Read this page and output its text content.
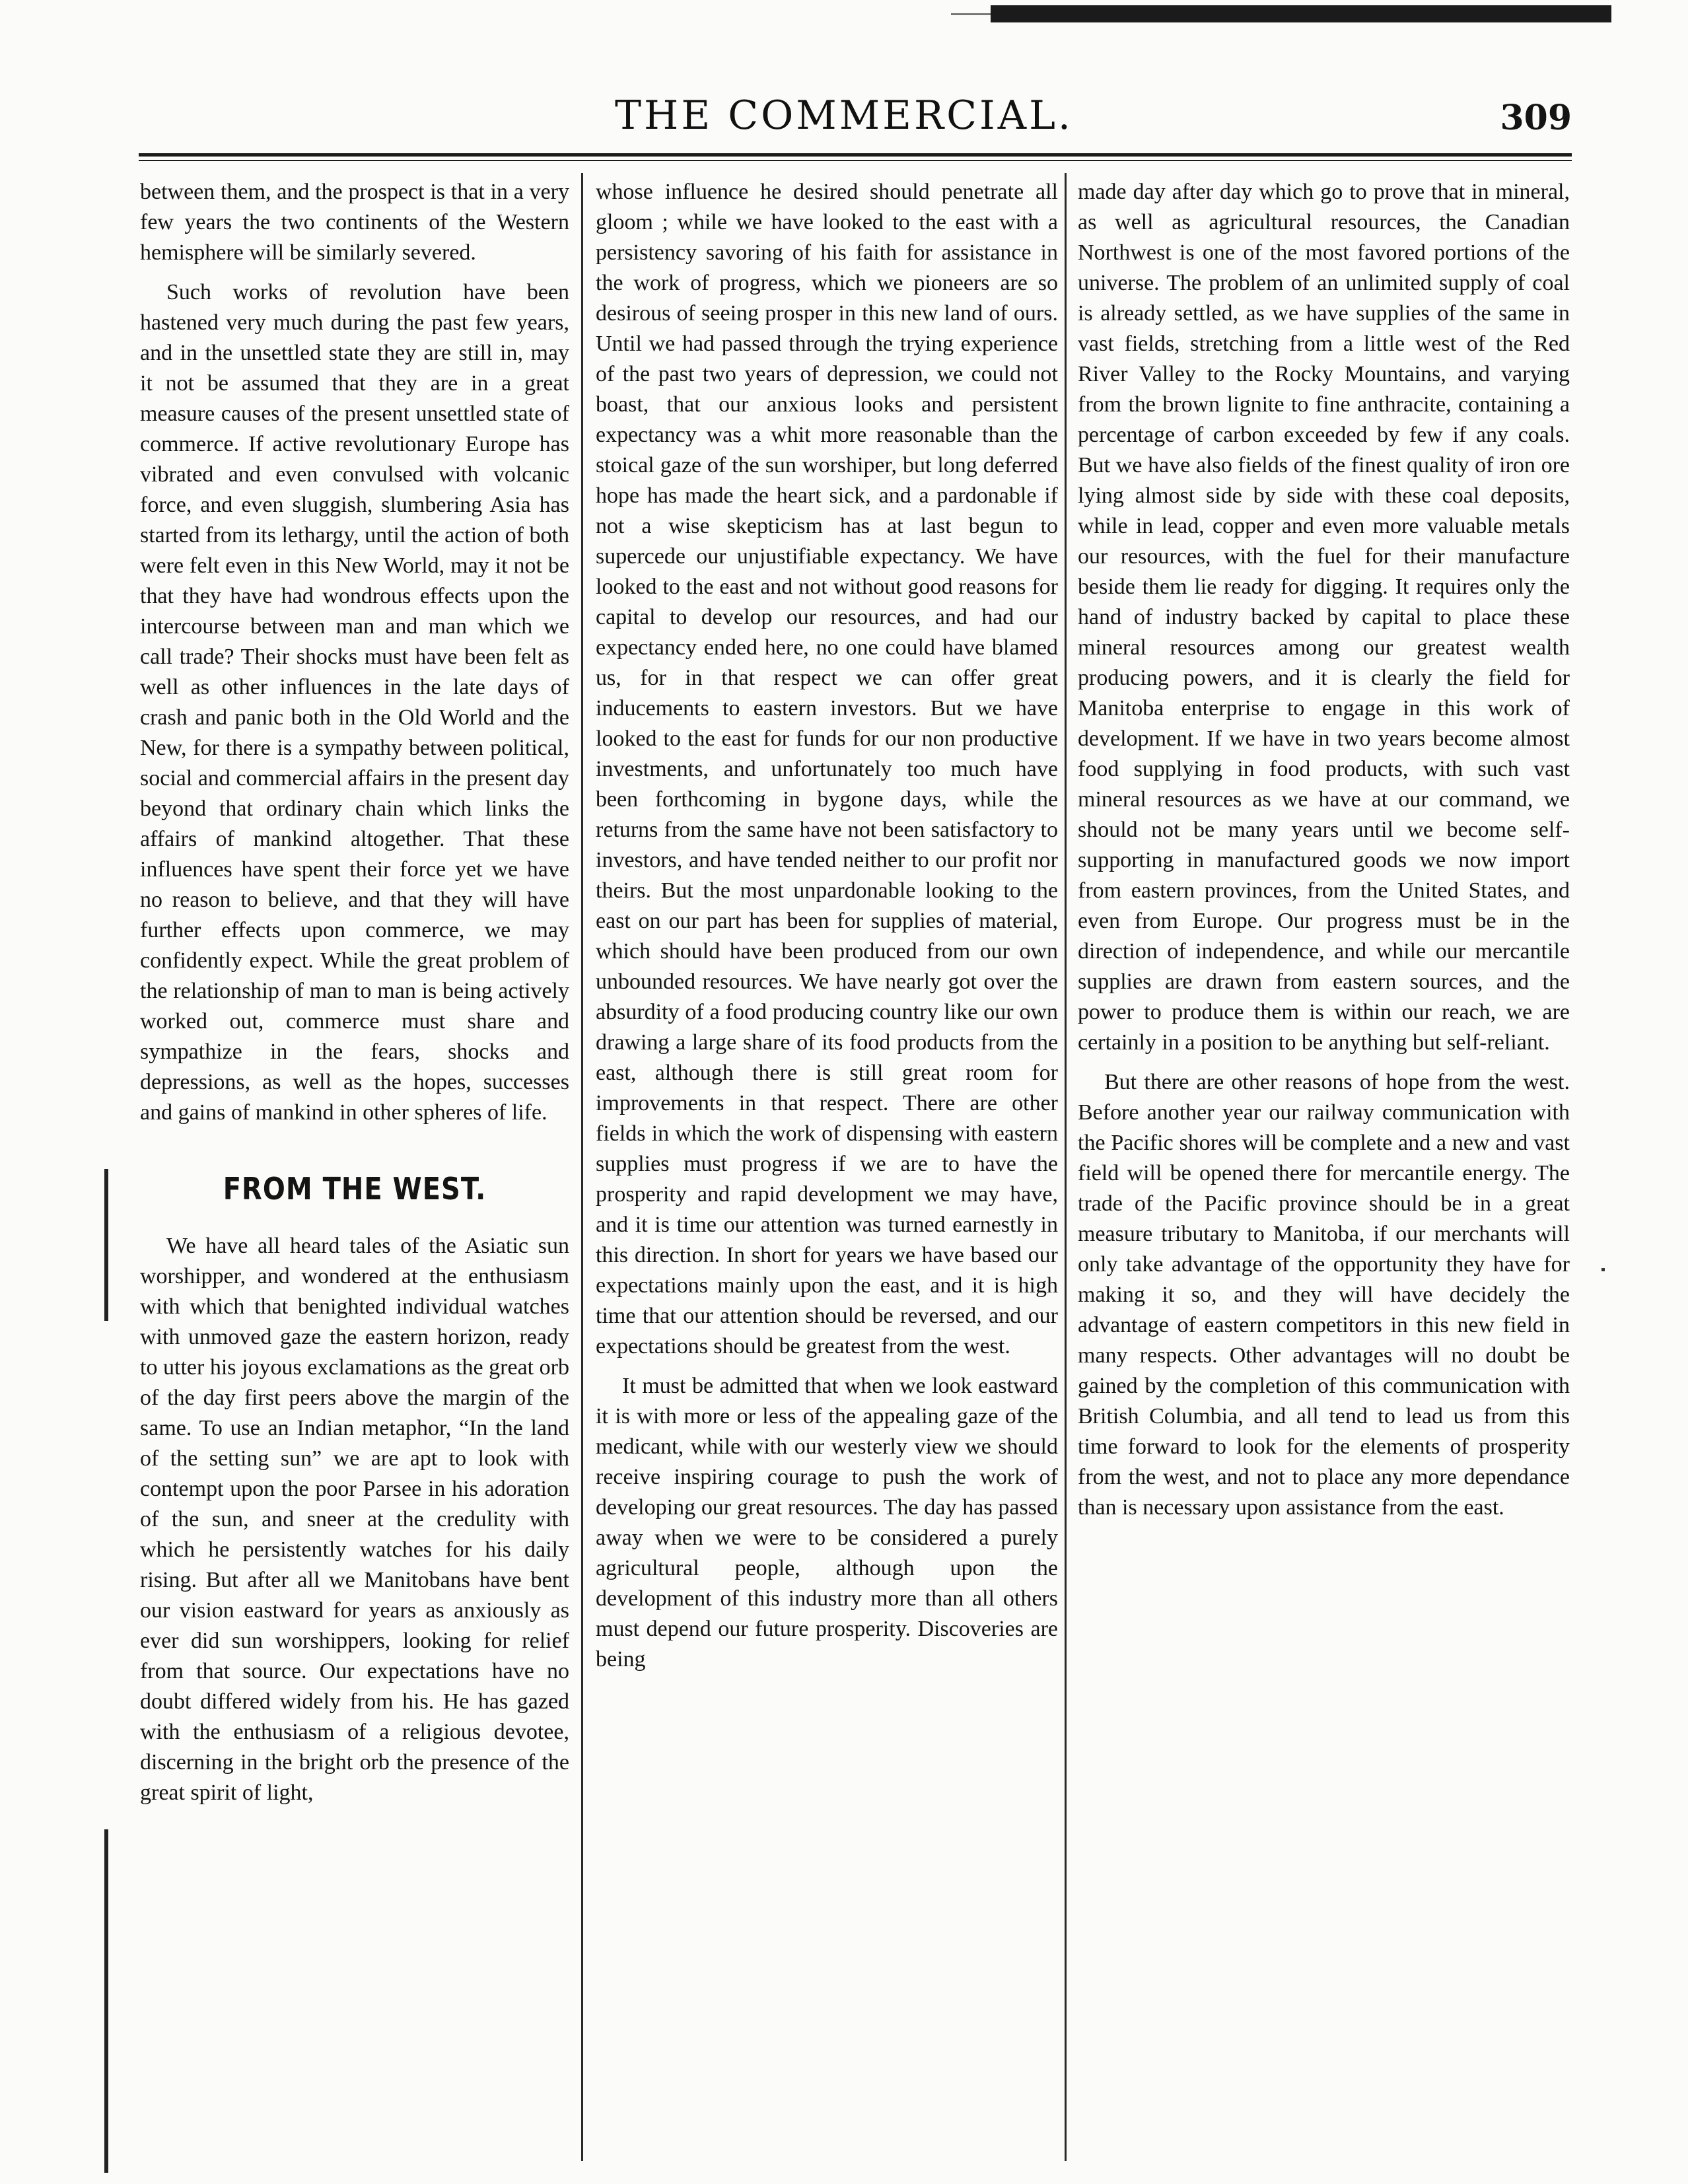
THE COMMERCIAL.	309

between them, and the prospect is that in a very few years the two continents of the Western hemisphere will be similarly severed.

Such works of revolution have been hastened very much during the past few years, and in the unsettled state they are still in, may it not be assumed that they are in a great measure causes of the present unsettled state of commerce. If active revolutionary Europe has vibrated and even convulsed with volcanic force, and even sluggish, slumbering Asia has started from its lethargy, until the action of both were felt even in this New World, may it not be that they have had wondrous effects upon the intercourse between man and man which we call trade? Their shocks must have been felt as well as other influences in the late days of crash and panic both in the Old World and the New, for there is a sympathy between political, social and commercial affairs in the present day beyond that ordinary chain which links the affairs of mankind altogether. That these influences have spent their force yet we have no reason to believe, and that they will have further effects upon commerce, we may confidently expect. While the great problem of the relationship of man to man is being actively worked out, commerce must share and sympathize in the fears, shocks and depressions, as well as the hopes, successes and gains of mankind in other spheres of life.

FROM THE WEST.

We have all heard tales of the Asiatic sun worshipper, and wondered at the enthusiasm with which that benighted individual watches with unmoved gaze the eastern horizon, ready to utter his joyous exclamations as the great orb of the day first peers above the margin of the same. To use an Indian metaphor, “In the land of the setting sun” we are apt to look with contempt upon the poor Parsee in his adoration of the sun, and sneer at the credulity with which he persistently watches for his daily rising. But after all we Manitobans have bent our vision eastward for years as anxiously as ever did sun worshippers, looking for relief from that source. Our expectations have no doubt differed widely from his. He has gazed with the enthusiasm of a religious devotee, discerning in the bright orb the presence of the great spirit of light,

whose influence he desired should penetrate all gloom ; while we have looked to the east with a persistency savoring of his faith for assistance in the work of progress, which we pioneers are so desirous of seeing prosper in this new land of ours. Until we had passed through the trying experience of the past two years of depression, we could not boast, that our anxious looks and persistent expectancy was a whit more reasonable than the stoical gaze of the sun worshiper, but long deferred hope has made the heart sick, and a pardonable if not a wise skepticism has at last begun to supercede our unjustifiable expectancy. We have looked to the east and not without good reasons for capital to develop our resources, and had our expectancy ended here, no one could have blamed us, for in that respect we can offer great inducements to eastern investors. But we have looked to the east for funds for our non productive investments, and unfortunately too much have been forthcoming in bygone days, while the returns from the same have not been satisfactory to investors, and have tended neither to our profit nor theirs. But the most unpardonable looking to the east on our part has been for supplies of material, which should have been produced from our own unbounded resources. We have nearly got over the absurdity of a food producing country like our own drawing a large share of its food products from the east, although there is still great room for improvements in that respect. There are other fields in which the work of dispensing with eastern supplies must progress if we are to have the prosperity and rapid development we may have, and it is time our attention was turned earnestly in this direction. In short for years we have based our expectations mainly upon the east, and it is high time that our attention should be reversed, and our expectations should be greatest from the west.

It must be admitted that when we look eastward it is with more or less of the appealing gaze of the medicant, while with our westerly view we should receive inspiring courage to push the work of developing our great resources. The day has passed away when we were to be considered a purely agricultural people, although upon the development of this industry more than all others must depend our future prosperity. Discoveries are being

made day after day which go to prove that in mineral, as well as agricultural resources, the Canadian Northwest is one of the most favored portions of the universe. The problem of an unlimited supply of coal is already settled, as we have supplies of the same in vast fields, stretching from a little west of the Red River Valley to the Rocky Mountains, and varying from the brown lignite to fine anthracite, containing a percentage of carbon exceeded by few if any coals. But we have also fields of the finest quality of iron ore lying almost side by side with these coal deposits, while in lead, copper and even more valuable metals our resources, with the fuel for their manufacture beside them lie ready for digging. It requires only the hand of industry backed by capital to place these mineral resources among our greatest wealth producing powers, and it is clearly the field for Manitoba enterprise to engage in this work of development. If we have in two years become almost food supplying in food products, with such vast mineral resources as we have at our command, we should not be many years until we become self-supporting in manufactured goods we now import from eastern provinces, from the United States, and even from Europe. Our progress must be in the direction of independence, and while our mercantile supplies are drawn from eastern sources, and the power to produce them is within our reach, we are certainly in a position to be anything but self-reliant.

But there are other reasons of hope from the west. Before another year our railway communication with the Pacific shores will be complete and a new and vast field will be opened there for mercantile energy. The trade of the Pacific province should be in a great measure tributary to Manitoba, if our merchants will only take advantage of the opportunity they have for making it so, and they will have decidely the advantage of eastern competitors in this new field in many respects. Other advantages will no doubt be gained by the completion of this communication with British Columbia, and all tend to lead us from this time forward to look for the elements of prosperity from the west, and not to place any more dependance than is necessary upon assistance from the east.
